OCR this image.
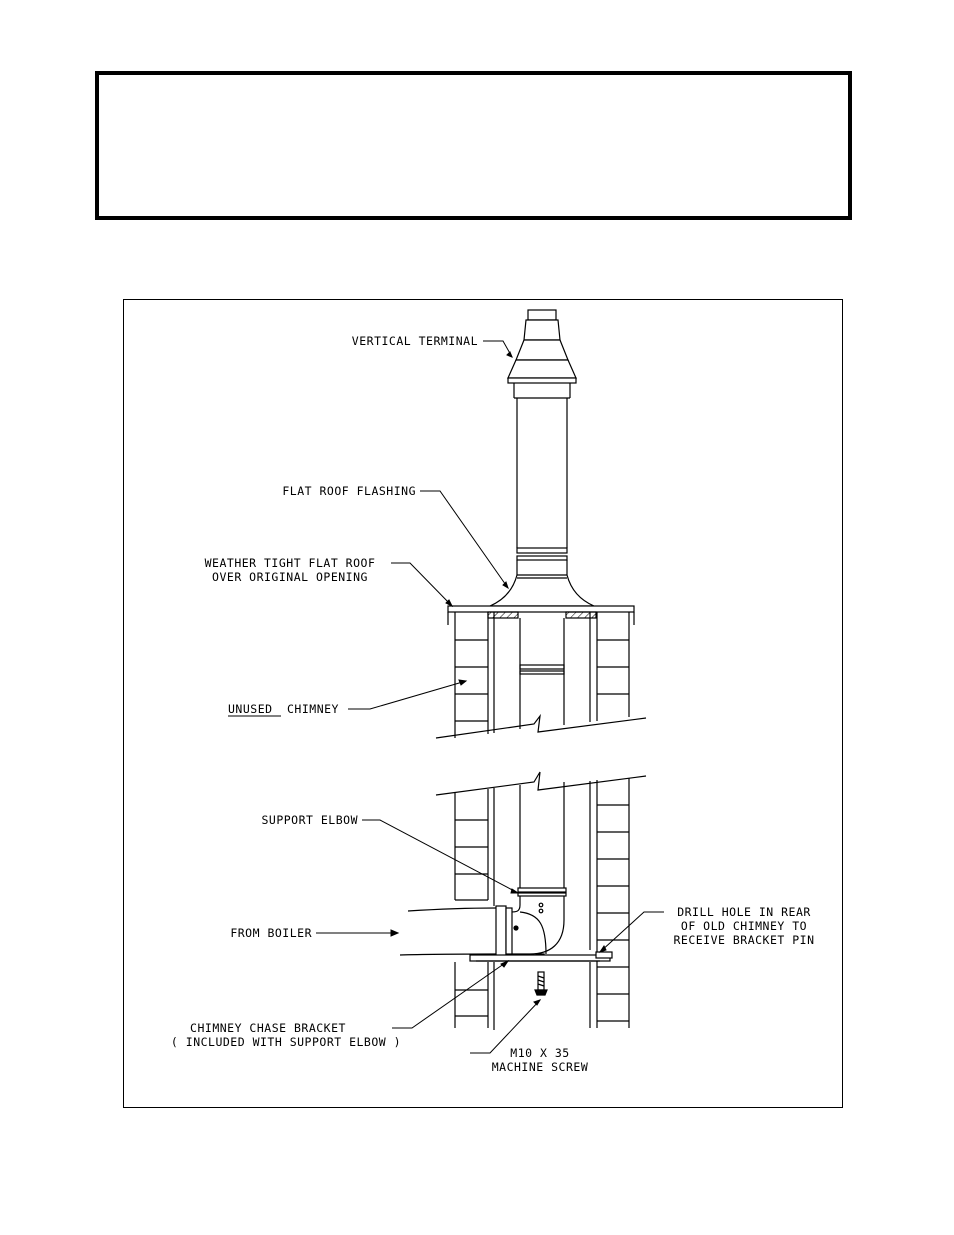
VERTICAL TERMINAL
FLAT ROOF FLASHING
WEATHER TIGHT FLAT ROOF
OVER ORIGINAL OPENING
UNUSED CHIMNEY
SUPPORT ELBOW
FROM BOILER
DRILL HOLE IN REAR
OF OLD CHIMNEY TO
RECEIVE BRACKET PIN
CHIMNEY CHASE BRACKET
( INCLUDED WITH SUPPORT ELBOW )
M10 X 35
MACHINE SCREW
